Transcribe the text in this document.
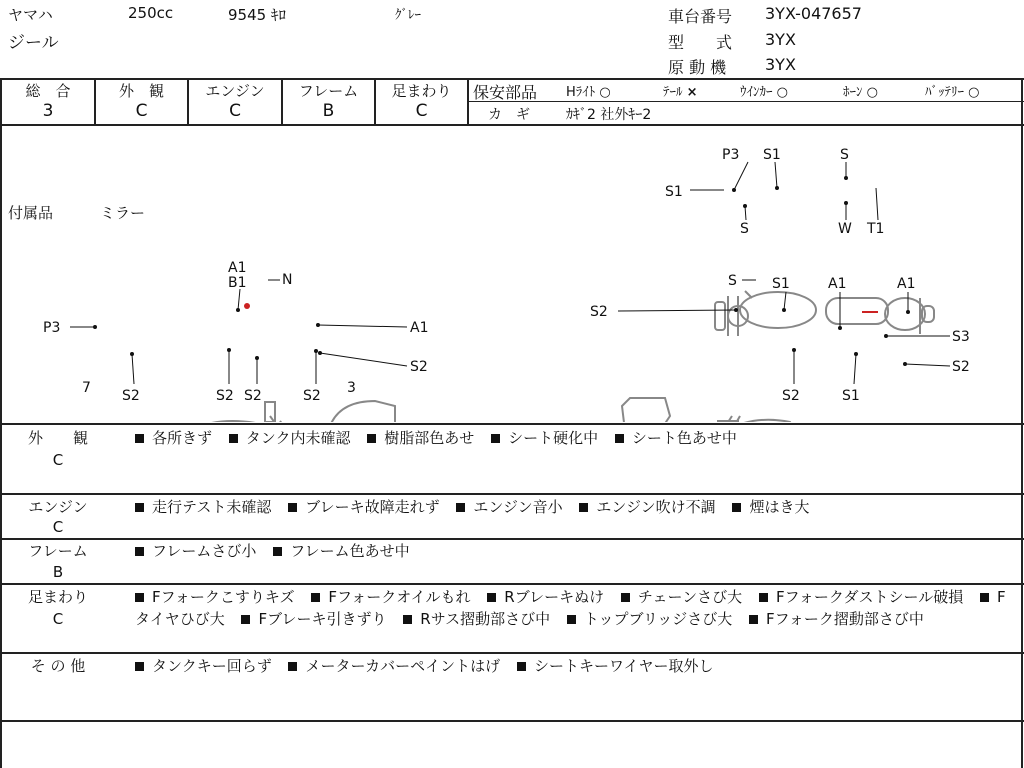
ヤマハ
ジール
250cc	9545 ｷﾛ	ｸﾞﾚｰ	車台番号 3YX-047657
型　　式 3YX
原 動 機 3YX
総　合
3
外　観
C
エンジン
C
フレーム
B
足まわり
C
保安部品 Hﾗｲﾄ ○	ﾃｰﾙ ×	ｳｲﾝｶｰ ○	ﾎｰﾝ ○	ﾊﾞｯﾃﾘｰ ○
カ　ギ	ｶｷﾞ2 社外ｷｰ2
付属品	ミラー
P3 S1	S
S1
S	W T1
A1
B1	N
P3	A1
S2
7 S2	S2 S2	S2 3
S	S1	A1	A1
S2
S3
S2
S2	S1
外　　観
C
各所きず タンク内未確認 樹脂部色あせ シート硬化中 シート色あせ中
エンジン
C
走行テスト未確認 ブレーキ故障走れず エンジン音小 エンジン吹け不調 煙はき大
フレーム
B
フレームさび小 フレーム色あせ中
足まわり
C
Fフォークこすりキズ Fフォークオイルもれ Rブレーキぬけ チェーンさび大 Fフォークダストシール破損 Fタイヤひび大 Fブレーキ引きずり Rサス摺動部さび中 トップブリッジさび大 Fフォーク摺動部さび中
そ の 他	タンクキー回らず メーターカバーペイントはげ シートキーワイヤー取外し
